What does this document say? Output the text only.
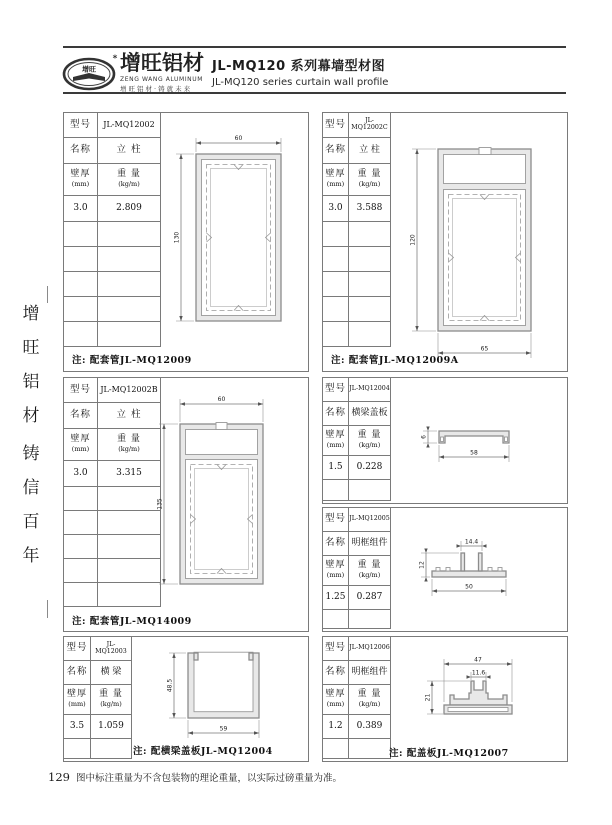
增旺
* 增旺铝材
ZENG WANG ALUMINUM
增旺铝材·铸就未来
JL-MQ120 系列幕墙型材图
JL-MQ120 series curtain wall profile
增
旺
铝
材
铸
信
百
年
型号	JL-MQ12002
名称	立 柱
壁厚
(mm)	重 量
(kg/m)

3.0	2.809

60
130
注: 配套管JL-MQ12009
型号	JL-MQ12002C
名称	立 柱
壁厚
(mm)	重 量
(kg/m)

3.0	3.588

120
65
注: 配套管JL-MQ12009A
型号	JL-MQ12002B
名称	立 柱
壁厚
(mm)	重 量
(kg/m)

3.0	3.315

60
135
注: 配套管JL-MQ14009
型号	JL-MQ12004
名称	横梁盖板
壁厚
(mm)	重 量
(kg/m)

1.5	0.228

6
58
型号	JL-MQ12005
名称	明框组件
壁厚
(mm)	重 量
(kg/m)

1.25	0.287

14.4
12
50
型号	JL-MQ12003
名称	横 梁
壁厚
(mm)	重 量
(kg/m)

3.5	1.059

48.5
59
注: 配横梁盖板JL-MQ12004
型号	JL-MQ12006
名称	明框组件
壁厚
(mm)	重 量
(kg/m)

1.2	0.389

47
11.6
21
注: 配盖板JL-MQ12007
129 图中标注重量为不含包装物的理论重量，以实际过磅重量为准。
